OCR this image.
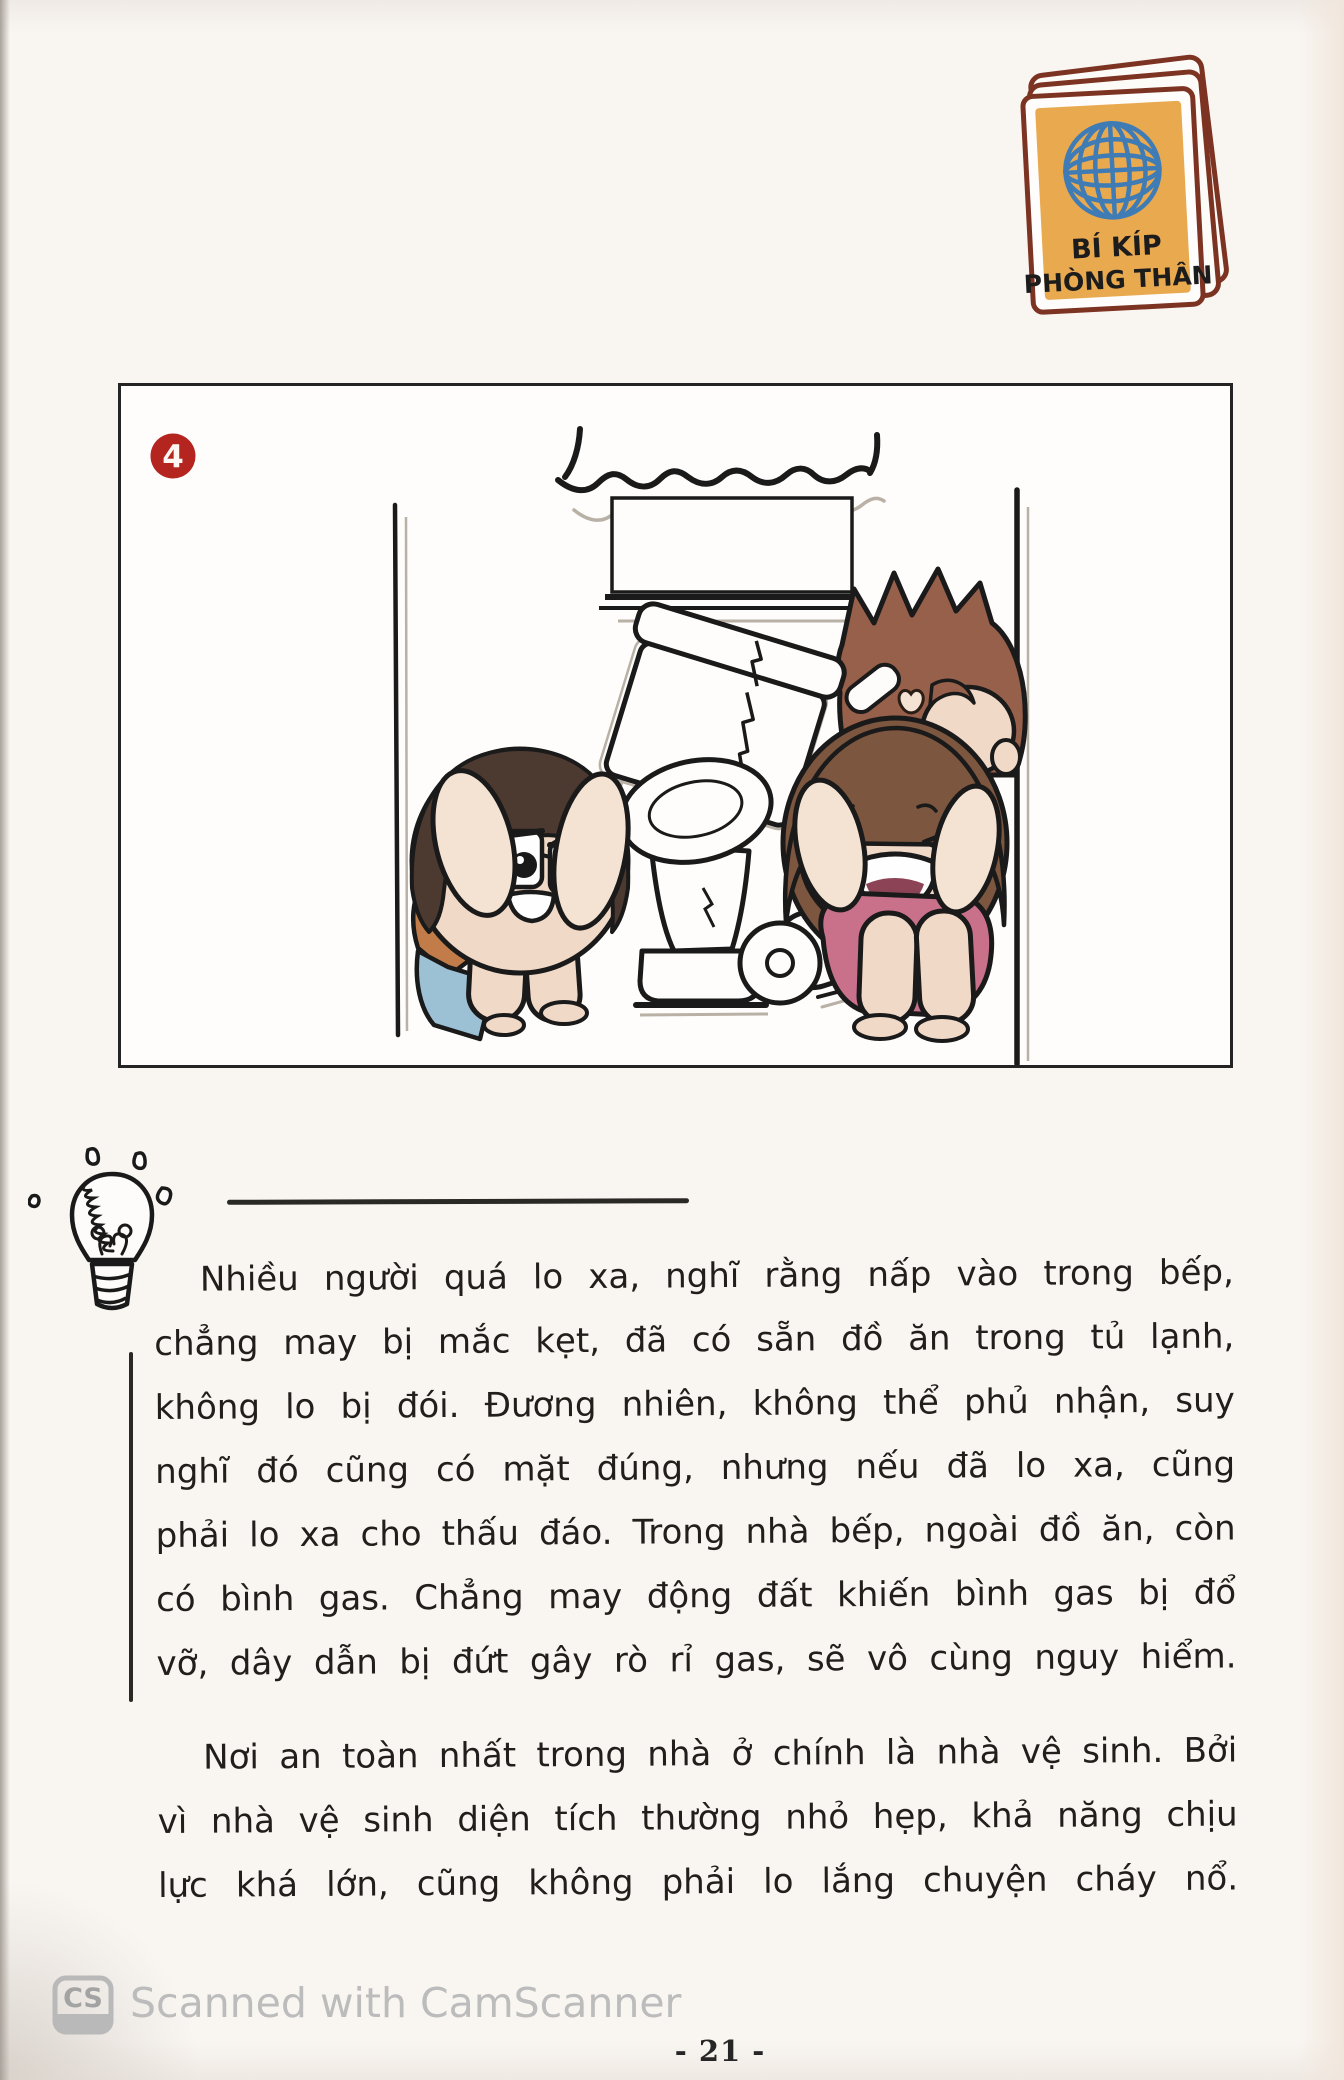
BÍ KÍP
PHÒNG THÂN
4
Nhiều người quá lo xa, nghĩ rằng nấp vào trong bếp,
chẳng may bị mắc kẹt, đã có sẵn đồ ăn trong tủ lạnh,
không lo bị đói. Đương nhiên, không thể phủ nhận, suy
nghĩ đó cũng có mặt đúng, nhưng nếu đã lo xa, cũng
phải lo xa cho thấu đáo. Trong nhà bếp, ngoài đồ ăn, còn
có bình gas. Chẳng may động đất khiến bình gas bị đổ
vỡ, dây dẫn bị đứt gây rò rỉ gas, sẽ vô cùng nguy hiểm.
Nơi an toàn nhất trong nhà ở chính là nhà vệ sinh. Bởi
vì nhà vệ sinh diện tích thường nhỏ hẹp, khả năng chịu
lực khá lớn, cũng không phải lo lắng chuyện cháy nổ.
CS Scanned with CamScanner
- 21 -
